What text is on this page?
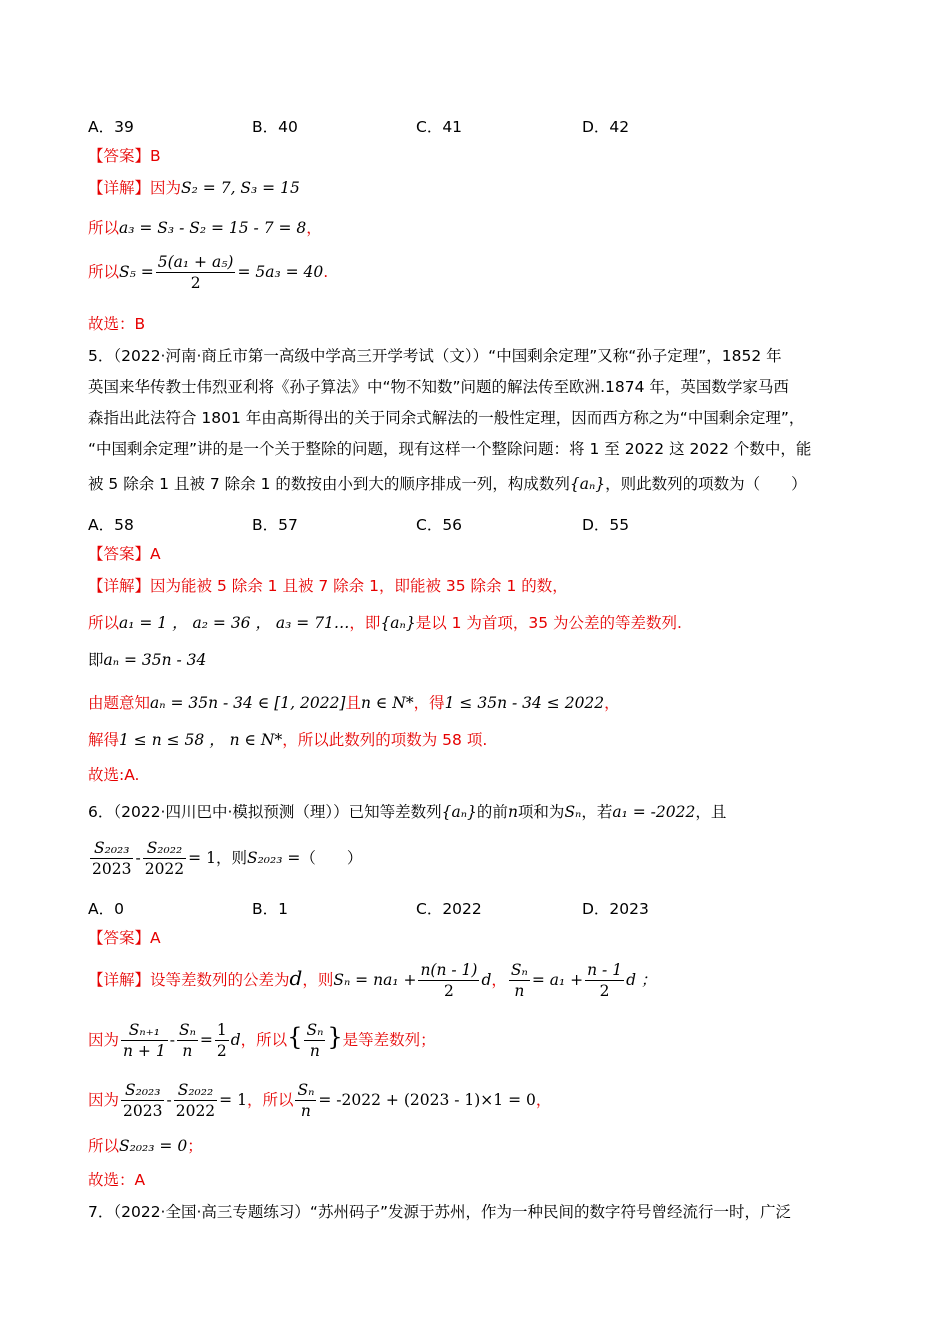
A．39	B．40	C．41	D．42
【答案】B
【详解】因为S₂ = 7, S₃ = 15
所以a₃ = S₃ - S₂ = 15 - 7 = 8，
所以$S_5 = \frac{\text{5(a₁ + a₅)}}{2} = 5a_3 = 40$.
故选：B
5．（2022·河南·商丘市第一高级中学高三开学考试（文））“中国剩余定理”又称“孙子定理”，1852 年
英国来华传教士伟烈亚利将《孙子算法》中“物不知数”问题的解法传至欧洲.1874 年，英国数学家马西
森指出此法符合 1801 年由高斯得出的关于同余式解法的一般性定理，因而西方称之为“中国剩余定理”，
“中国剩余定理”讲的是一个关于整除的问题，现有这样一个整除问题：将 1 至 2022 这 2022 个数中，能
被 5 除余 1 且被 7 除余 1 的数按由小到大的顺序排成一列，构成数列{aₙ}，则此数列的项数为（　　）
A．58	B．57	C．56	D．55
【答案】A
【详解】因为能被 5 除余 1 且被 7 除余 1，即能被 35 除余 1 的数，
所以a₁ = 1 ， a₂ = 36 ， a₃ = 71…，即{aₙ}是以 1 为首项，35 为公差的等差数列.
即aₙ = 35n - 34
由题意知aₙ = 35n - 34 ∈ [1, 2022]且n ∈ N*，得1 ≤ 35n - 34 ≤ 2022，
解得1 ≤ n ≤ 58 ， n ∈ N*，所以此数列的项数为 58 项.
故选:A.
6．（2022·四川巴中·模拟预测（理））已知等差数列{aₙ}的前n项和为Sₙ，若a₁ = -2022，且
$\frac{\text{S₂₀₂₃}}{2023} - \frac{\text{S₂₀₂₂}}{2022} = 1$，则S₂₀₂₃ =（　　）
A．0	B．1	C．2022	D．2023
【答案】A
【详解】设等差数列的公差为d，则$S_n = na_1 + \frac{n(n - 1)}{2}$ d， $\frac{\text{Sₙ}}{n} = a_1 + \frac{n - 1}{2}$ d ；
因为 $\frac{\text{Sₙ₊₁}}{n + 1} - \frac{\text{Sₙ}}{n} = \frac{1}{2}$ d，所以{ $\frac{\text{Sₙ}}{n}$ }是等差数列；
因为 $\frac{\text{S₂₀₂₃}}{2023} - \frac{\text{S₂₀₂₂}}{2022} = 1$，所以 $\frac{\text{Sₙ}}{n} = -2022 + (2023 - 1)\times 1 = 0$，
所以S₂₀₂₃ = 0；
故选：A
7．（2022·全国·高三专题练习）“苏州码子”发源于苏州，作为一种民间的数字符号曾经流行一时，广泛
